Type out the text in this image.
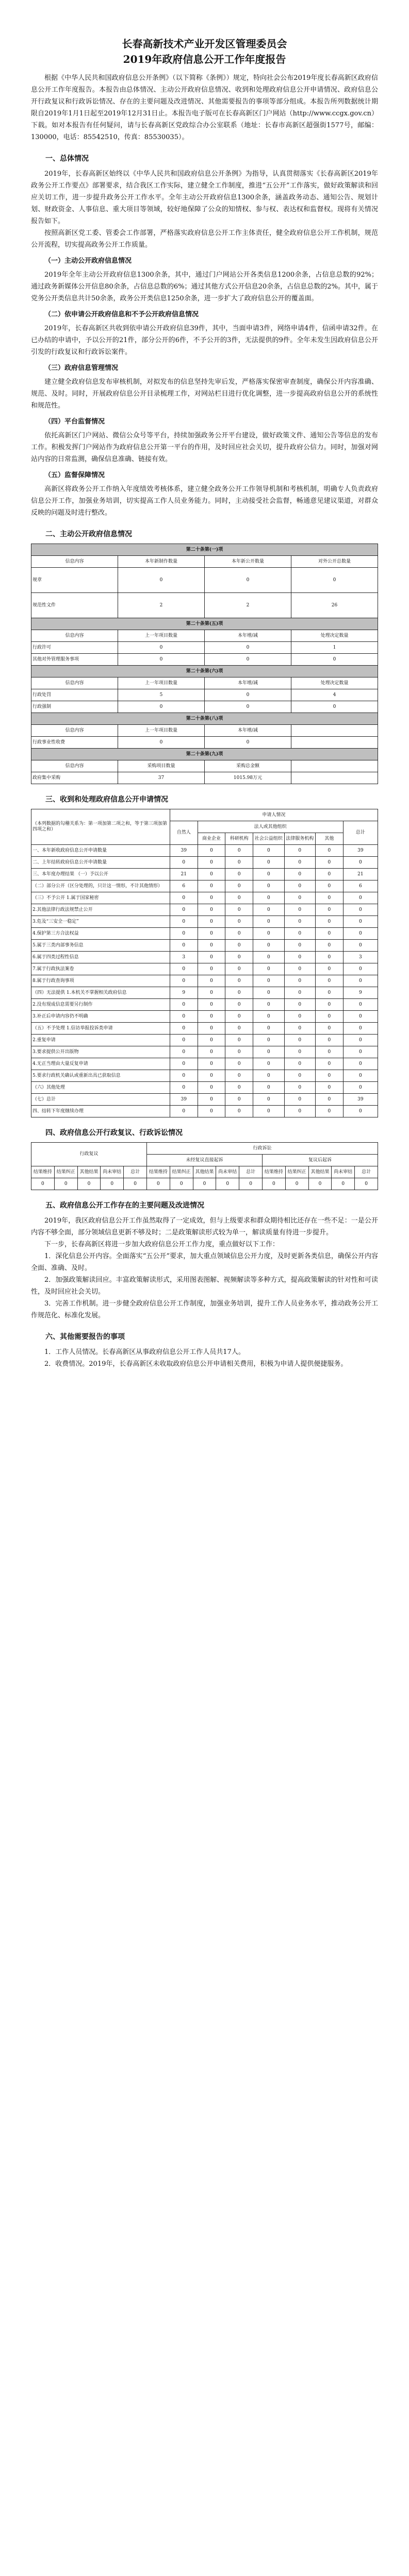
长春高新技术产业开发区管理委员会
2019年政府信息公开工作年度报告

根据《中华人民共和国政府信息公开条例》（以下简称《条例》）规定，特向社会公布2019年度长春高新区政府信息公开工作年度报告。本报告由总体情况、主动公开政府信息情况、收到和处理政府信息公开申请情况、政府信息公开行政复议和行政诉讼情况、存在的主要问题及改进情况、其他需要报告的事项等部分组成。本报告所列数据统计期限自2019年1月1日起至2019年12月31日止。本报告电子版可在长春高新区门户网站（http://www.ccgx.gov.cn）下载。如对本报告有任何疑问，请与长春高新区党政综合办公室联系（地址：长春市高新区超强街1577号，邮编：130000，电话：85542510，传真：85530035）。

一、总体情况

2019年，长春高新区始终以《中华人民共和国政府信息公开条例》为指导，认真贯彻落实《长春高新区2019年政务公开工作要点》部署要求，结合我区工作实际，建立健全工作制度，推进“五公开”工作落实，做好政策解读和回应关切工作，进一步提升政务公开工作水平。全年主动公开政府信息1300余条，涵盖政务动态、通知公告、规划计划、财政资金、人事信息、重大项目等领域，较好地保障了公众的知情权、参与权、表达权和监督权。现将有关情况报告如下。

按照高新区党工委、管委会工作部署，严格落实政府信息公开工作主体责任，健全政府信息公开工作机制，规范公开流程，切实提高政务公开工作质量。

（一）主动公开政府信息情况

2019年全年主动公开政府信息1300余条，其中，通过门户网站公开各类信息1200余条，占信息总数的92%；通过政务新媒体公开信息80余条，占信息总数的6%；通过其他方式公开信息20余条，占信息总数的2%。其中，属于党务公开类信息共计50余条，政务公开类信息1250余条，进一步扩大了政府信息公开的覆盖面。

（二）依申请公开政府信息和不予公开政府信息情况

2019年，长春高新区共收到依申请公开政府信息39件，其中，当面申请3件，网络申请4件，信函申请32件。在已办结的申请中，予以公开的21件，部分公开的6件，不予公开的3件，无法提供的9件。全年未发生因政府信息公开引发的行政复议和行政诉讼案件。

（三）政府信息管理情况

建立健全政府信息发布审核机制，对拟发布的信息坚持先审后发，严格落实保密审查制度，确保公开内容准确、规范、及时。同时，开展政府信息公开目录梳理工作，对网站栏目进行优化调整，进一步提高政府信息公开的系统性和规范性。

（四）平台监督情况

依托高新区门户网站、微信公众号等平台，持续加强政务公开平台建设，做好政策文件、通知公告等信息的发布工作。积极发挥门户网站作为政府信息公开第一平台的作用，及时回应社会关切，提升政府公信力。同时，加强对网站内容的日常监测，确保信息准确、链接有效。

（五）监督保障情况

高新区将政务公开工作纳入年度绩效考核体系，建立健全政务公开工作领导机制和考核机制，明确专人负责政府信息公开工作，加强业务培训，切实提高工作人员业务能力。同时，主动接受社会监督，畅通意见建议渠道，对群众反映的问题及时进行整改。

二、主动公开政府信息情况
第二十条第(一)项			
信息内容	本年新制作数量	本年新公开数量	对外公开总数量
规章	0	0	0
规范性文件	2	2	26
第二十条第(五)项			
信息内容	上一年项目数量	本年增/减	处理决定数量
行政许可	0	0	1
其他对外管理服务事项	0	0	0
第二十条第(六)项			
信息内容	上一年项目数量	本年增/减	处理决定数量
行政处罚	5	0	4
行政强制	0	0	0
第二十条第(八)项			
信息内容	上一年项目数量	本年增/减	
行政事业性收费	0	0	
第二十条第(九)项			
信息内容	采购项目数量	采购总金额	
政府集中采购	37	1015.98万元	
三、收到和处理政府信息公开申请情况
（本列数据的勾稽关系为：第一项加第二项之和，等于第三项加第四项之和）	申请人情况						
	自然人	法人或其他组织					总计
		商业企业	科研机构	社会公益组织	法律服务机构	其他	
一、本年新收政府信息公开申请数量	39	0	0	0	0	0	39
二、上年结转政府信息公开申请数量	0	0	0	0	0	0	0
三、本年度办理结果 （一）予以公开	21	0	0	0	0	0	21
（二）部分公开（区分处理的，只计这一情形，不计其他情形）	6	0	0	0	0	0	6
（三）不予公开 1.属于国家秘密	0	0	0	0	0	0	0
2.其他法律行政法规禁止公开	0	0	0	0	0	0	0
3.危及“三安全一稳定”	0	0	0	0	0	0	0
4.保护第三方合法权益	0	0	0	0	0	0	0
5.属于三类内部事务信息	0	0	0	0	0	0	0
6.属于四类过程性信息	3	0	0	0	0	0	3
7.属于行政执法案卷	0	0	0	0	0	0	0
8.属于行政查询事项	0	0	0	0	0	0	0
（四）无法提供 1.本机关不掌握相关政府信息	9	0	0	0	0	0	9
2.没有现成信息需要另行制作	0	0	0	0	0	0	0
3.补正后申请内容仍不明确	0	0	0	0	0	0	0
（五）不予处理 1.信访举报投诉类申请	0	0	0	0	0	0	0
2.重复申请	0	0	0	0	0	0	0
3.要求提供公开出版物	0	0	0	0	0	0	0
4.无正当理由大量反复申请	0	0	0	0	0	0	0
5.要求行政机关确认或重新出具已获取信息	0	0	0	0	0	0	0
（六）其他处理	0	0	0	0	0	0	0
（七）总计	39	0	0	0	0	0	39
四、结转下年度继续办理	0	0	0	0	0	0	0
四、政府信息公开行政复议、行政诉讼情况
行政复议					行政诉讼									
					未经复议直接起诉					复议后起诉				
结果维持	结果纠正	其他结果	尚未审结	总计	结果维持	结果纠正	其他结果	尚未审结	总计	结果维持	结果纠正	其他结果	尚未审结	总计
0	0	0	0	0	0	0	0	0	0	0	0	0	0	0
五、政府信息公开工作存在的主要问题及改进情况

2019年，我区政府信息公开工作虽然取得了一定成效，但与上级要求和群众期待相比还存在一些不足：一是公开内容不够全面，部分领域信息更新不够及时；二是政策解读形式较为单一，解读质量有待进一步提升。

下一步，长春高新区将进一步加大政府信息公开工作力度，重点做好以下工作：

1．深化信息公开内容。全面落实“五公开”要求，加大重点领域信息公开力度，及时更新各类信息，确保公开内容全面、准确、及时。

2．加强政策解读回应。丰富政策解读形式，采用图表图解、视频解读等多种方式，提高政策解读的针对性和可读性，及时回应社会关切。

3．完善工作机制。进一步健全政府信息公开工作制度，加强业务培训，提升工作人员业务水平，推动政务公开工作规范化、标准化发展。

六、其他需要报告的事项

1．工作人员情况。长春高新区从事政府信息公开工作人员共17人。

2．收费情况。2019年，长春高新区未收取政府信息公开申请相关费用，积极为申请人提供便捷服务。
